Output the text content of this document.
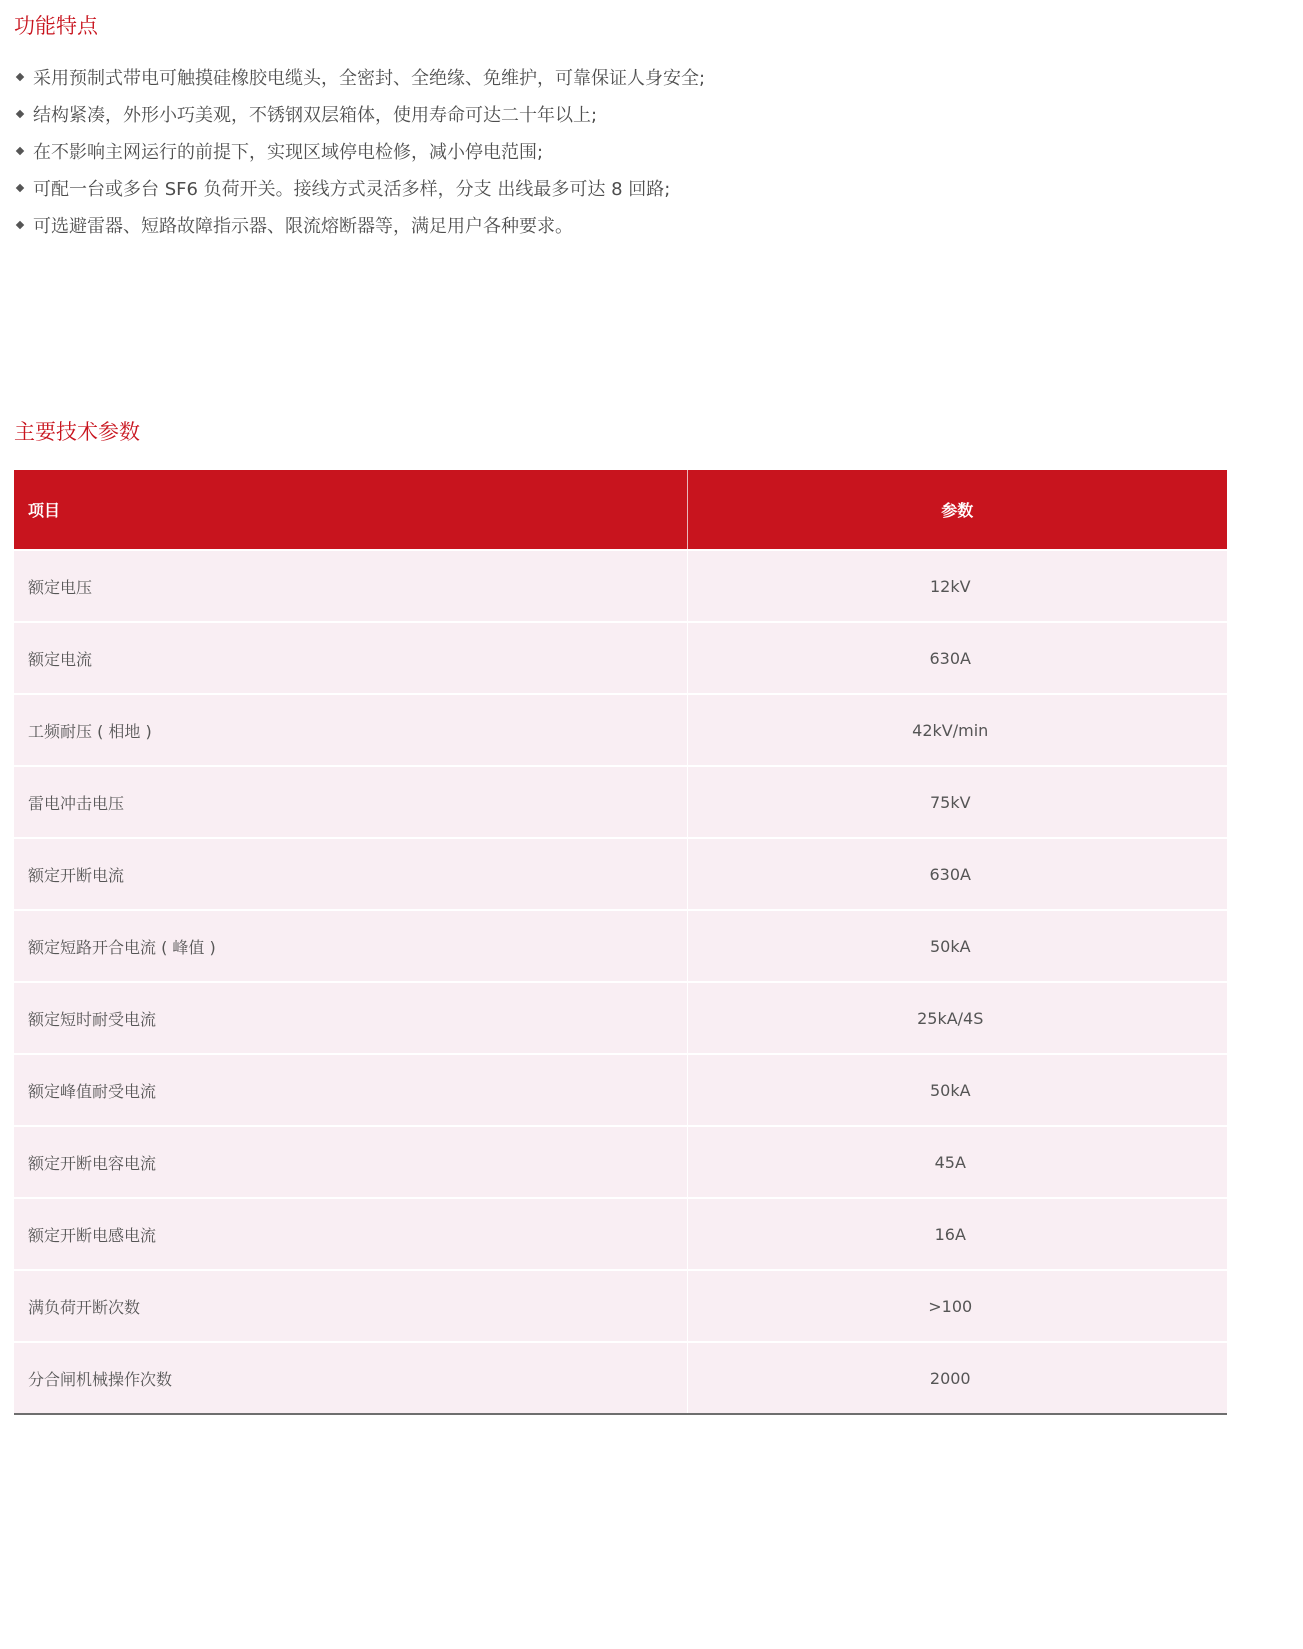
功能特点
采用预制式带电可触摸硅橡胶电缆头，全密封、全绝缘、免维护，可靠保证人身安全;
结构紧凑，外形小巧美观，不锈钢双层箱体，使用寿命可达二十年以上;
在不影响主网运行的前提下，实现区域停电检修，减小停电范围;
可配一台或多台 SF6 负荷开关。接线方式灵活多样，分支 出线最多可达 8 回路;
可选避雷器、短路故障指示器、限流熔断器等，满足用户各种要求。
主要技术参数
项目	参数
额定电压	12kV
额定电流	630A
工频耐压 ( 相地 )	42kV/min
雷电冲击电压	75kV
额定开断电流	630A
额定短路开合电流 ( 峰值 )	50kA
额定短时耐受电流	25kA/4S
额定峰值耐受电流	50kA
额定开断电容电流	45A
额定开断电感电流	16A
满负荷开断次数	>100
分合闸机械操作次数	2000
